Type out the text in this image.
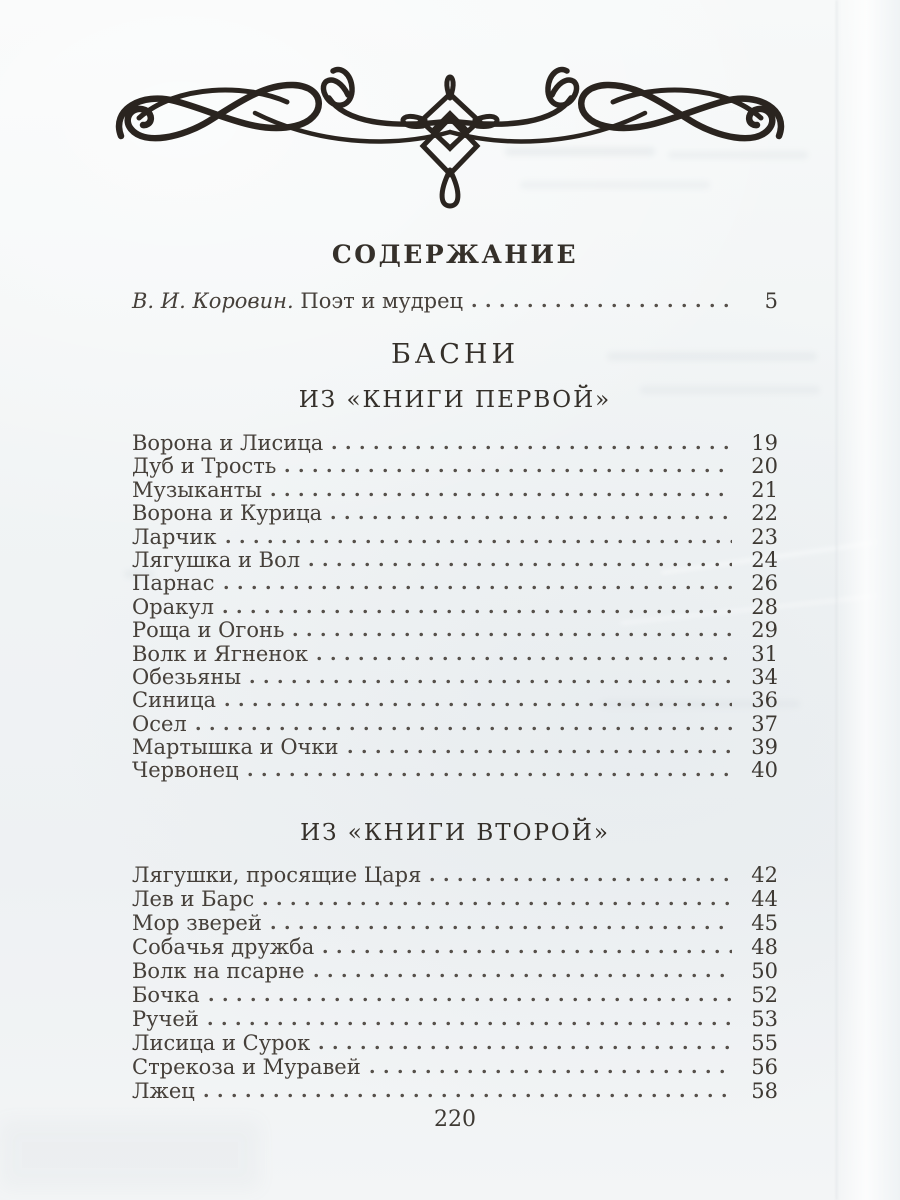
СОДЕРЖАНИЕ
В. И. Коровин. Поэт и мудрец	5
БАСНИ
ИЗ «КНИГИ ПЕРВОЙ»
Ворона и Лисица	19
Дуб и Трость	20
Музыканты	21
Ворона и Курица	22
Ларчик	23
Лягушка и Вол	24
Парнас	26
Оракул	28
Роща и Огонь	29
Волк и Ягненок	31
Обезьяны	34
Синица	36
Осел	37
Мартышка и Очки	39
Червонец	40
ИЗ «КНИГИ ВТОРОЙ»
Лягушки, просящие Царя	42
Лев и Барс	44
Мор зверей	45
Собачья дружба	48
Волк на псарне	50
Бочка	52
Ручей	53
Лисица и Сурок	55
Стрекоза и Муравей	56
Лжец	58
220
